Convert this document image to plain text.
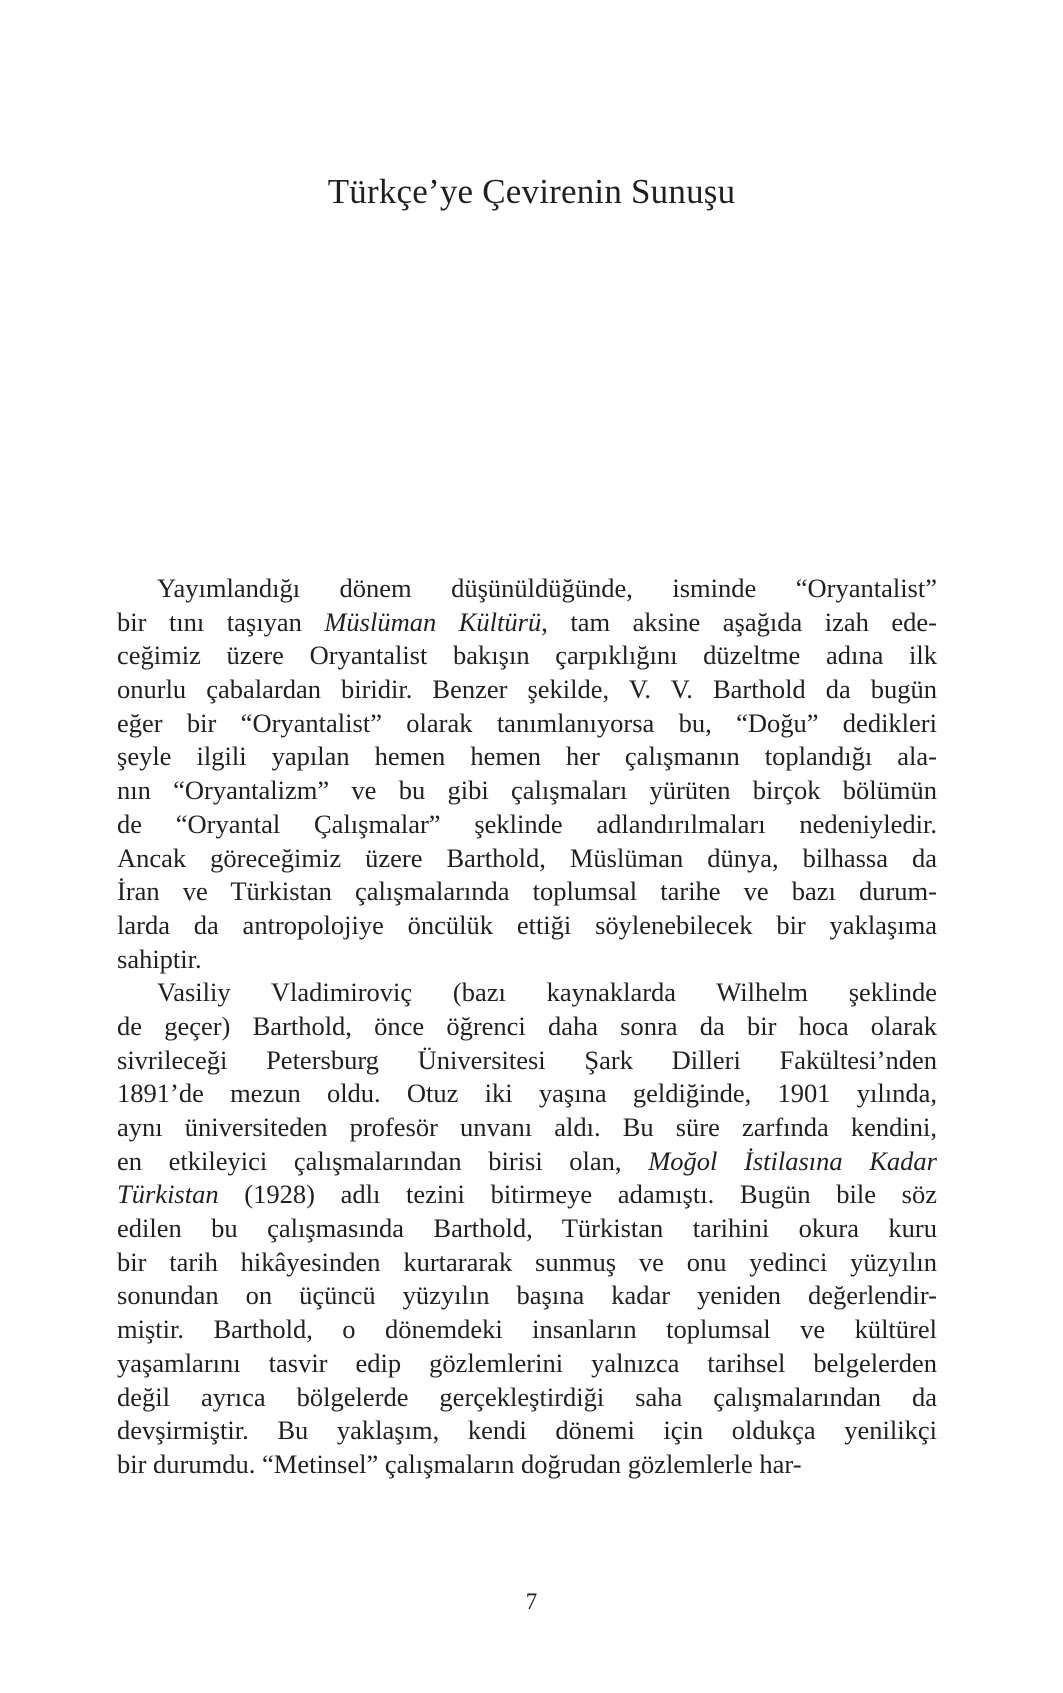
Türkçe’ye Çevirenin Sunuşu
Yayımlandığı dönem düşünüldüğünde, isminde “Oryantalist”
bir tını taşıyan Müslüman Kültürü, tam aksine aşağıda izah ede-
ceğimiz üzere Oryantalist bakışın çarpıklığını düzeltme adına ilk
onurlu çabalardan biridir. Benzer şekilde, V. V. Barthold da bugün
eğer bir “Oryantalist” olarak tanımlanıyorsa bu, “Doğu” dedikleri
şeyle ilgili yapılan hemen hemen her çalışmanın toplandığı ala-
nın “Oryantalizm” ve bu gibi çalışmaları yürüten birçok bölümün
de “Oryantal Çalışmalar” şeklinde adlandırılmaları nedeniyledir.
Ancak göreceğimiz üzere Barthold, Müslüman dünya, bilhassa da
İran ve Türkistan çalışmalarında toplumsal tarihe ve bazı durum-
larda da antropolojiye öncülük ettiği söylenebilecek bir yaklaşıma
sahiptir.
Vasiliy Vladimiroviç (bazı kaynaklarda Wilhelm şeklinde
de geçer) Barthold, önce öğrenci daha sonra da bir hoca olarak
sivrileceği Petersburg Üniversitesi Şark Dilleri Fakültesi’nden
1891’de mezun oldu. Otuz iki yaşına geldiğinde, 1901 yılında,
aynı üniversiteden profesör unvanı aldı. Bu süre zarfında kendini,
en etkileyici çalışmalarından birisi olan, Moğol İstilasına Kadar
Türkistan (1928) adlı tezini bitirmeye adamıştı. Bugün bile söz
edilen bu çalışmasında Barthold, Türkistan tarihini okura kuru
bir tarih hikâyesinden kurtararak sunmuş ve onu yedinci yüzyılın
sonundan on üçüncü yüzyılın başına kadar yeniden değerlendir-
miştir. Barthold, o dönemdeki insanların toplumsal ve kültürel
yaşamlarını tasvir edip gözlemlerini yalnızca tarihsel belgelerden
değil ayrıca bölgelerde gerçekleştirdiği saha çalışmalarından da
devşirmiştir. Bu yaklaşım, kendi dönemi için oldukça yenilikçi
bir durumdu. “Metinsel” çalışmaların doğrudan gözlemlerle har-
7
